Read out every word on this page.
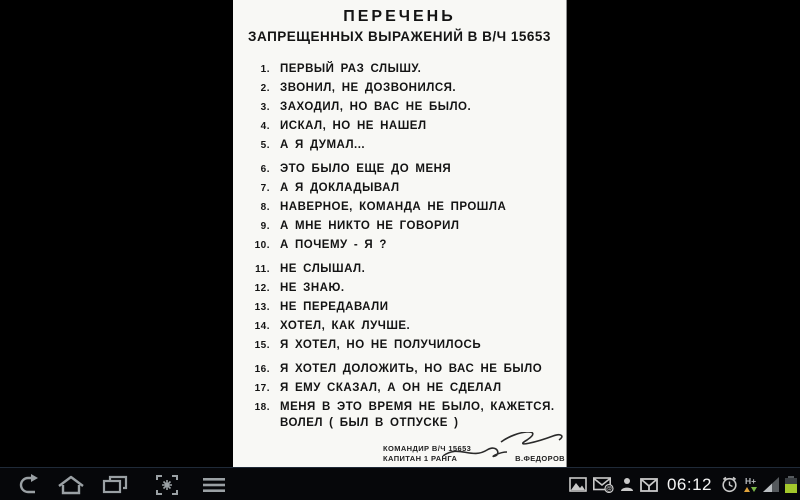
ПЕРЕЧЕНЬ
ЗАПРЕЩЕННЫХ ВЫРАЖЕНИЙ В В/Ч 15653
1. ПЕРВЫЙ РАЗ СЛЫШУ.
2. ЗВОНИЛ, НЕ ДОЗВОНИЛСЯ.
3. ЗАХОДИЛ, НО ВАС НЕ БЫЛО.
4. ИСКАЛ, НО НЕ НАШЕЛ
5. А Я ДУМАЛ...
6. ЭТО БЫЛО ЕЩЕ ДО МЕНЯ
7. А Я ДОКЛАДЫВАЛ
8. НАВЕРНОЕ, КОМАНДА НЕ ПРОШЛА
9. А МНЕ НИКТО НЕ ГОВОРИЛ
10. А ПОЧЕМУ - Я ?
11. НЕ СЛЫШАЛ.
12. НЕ ЗНАЮ.
13. НЕ ПЕРЕДАВАЛИ
14. ХОТЕЛ, КАК ЛУЧШЕ.
15. Я ХОТЕЛ, НО НЕ ПОЛУЧИЛОСЬ
16. Я ХОТЕЛ ДОЛОЖИТЬ, НО ВАС НЕ БЫЛО
17. Я ЕМУ СКАЗАЛ, А ОН НЕ СДЕЛАЛ
18. МЕНЯ В ЭТО ВРЕМЯ НЕ БЫЛО, КАЖЕТСЯ.
ВОЛЕЛ ( БЫЛ В ОТПУСКЕ )
КОМАНДИР В/Ч 15653
КАПИТАН 1 РАНГА	В.ФЕДОРОВ
@	06:12	H+
